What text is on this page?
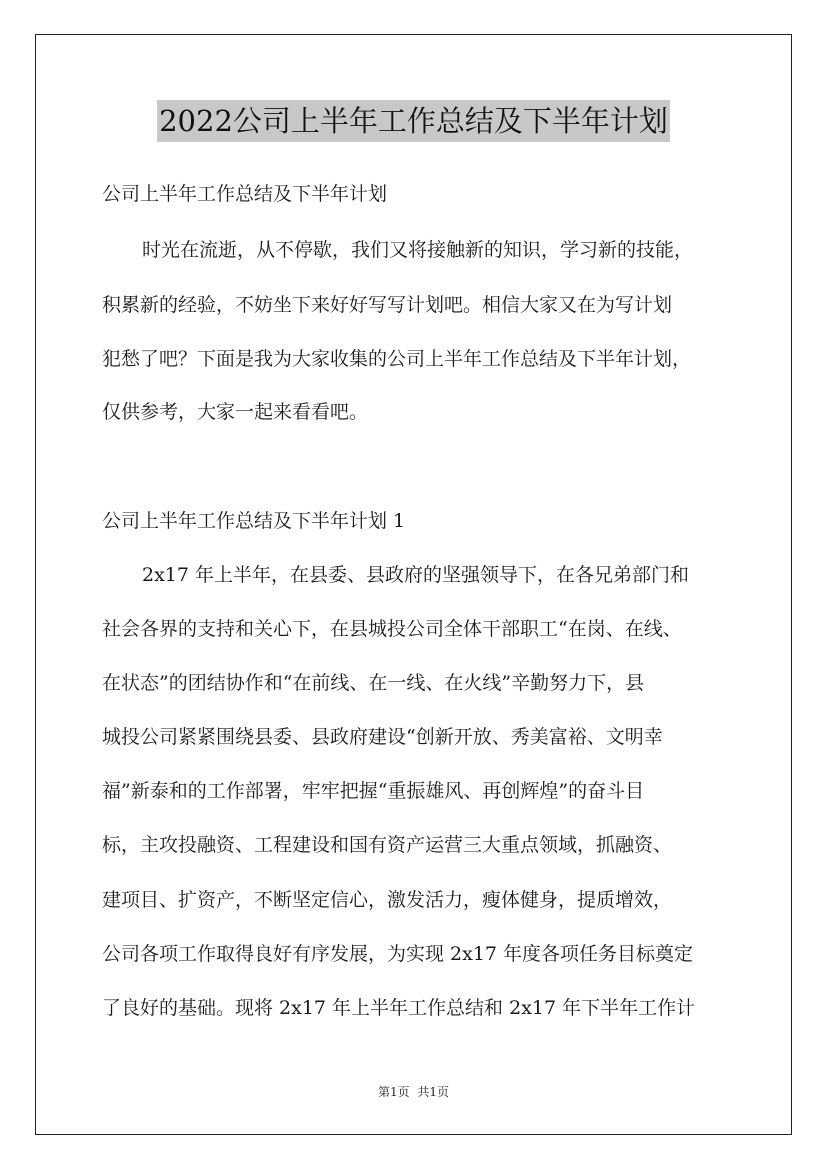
2022公司上半年工作总结及下半年计划
公司上半年工作总结及下半年计划
时光在流逝，从不停歇，我们又将接触新的知识，学习新的技能，
积累新的经验，不妨坐下来好好写写计划吧。相信大家又在为写计划
犯愁了吧？下面是我为大家收集的公司上半年工作总结及下半年计划，
仅供参考，大家一起来看看吧。
公司上半年工作总结及下半年计划 1
2x17 年上半年，在县委、县政府的坚强领导下，在各兄弟部门和
社会各界的支持和关心下，在县城投公司全体干部职工“在岗、在线、
在状态”的团结协作和“在前线、在一线、在火线”辛勤努力下，县
城投公司紧紧围绕县委、县政府建设“创新开放、秀美富裕、文明幸
福”新泰和的工作部署，牢牢把握“重振雄风、再创辉煌”的奋斗目
标，主攻投融资、工程建设和国有资产运营三大重点领域，抓融资、
建项目、扩资产，不断坚定信心，激发活力，瘦体健身，提质增效，
公司各项工作取得良好有序发展，为实现 2x17 年度各项任务目标奠定
了良好的基础。现将 2x17 年上半年工作总结和 2x17 年下半年工作计
第1页 共1页
